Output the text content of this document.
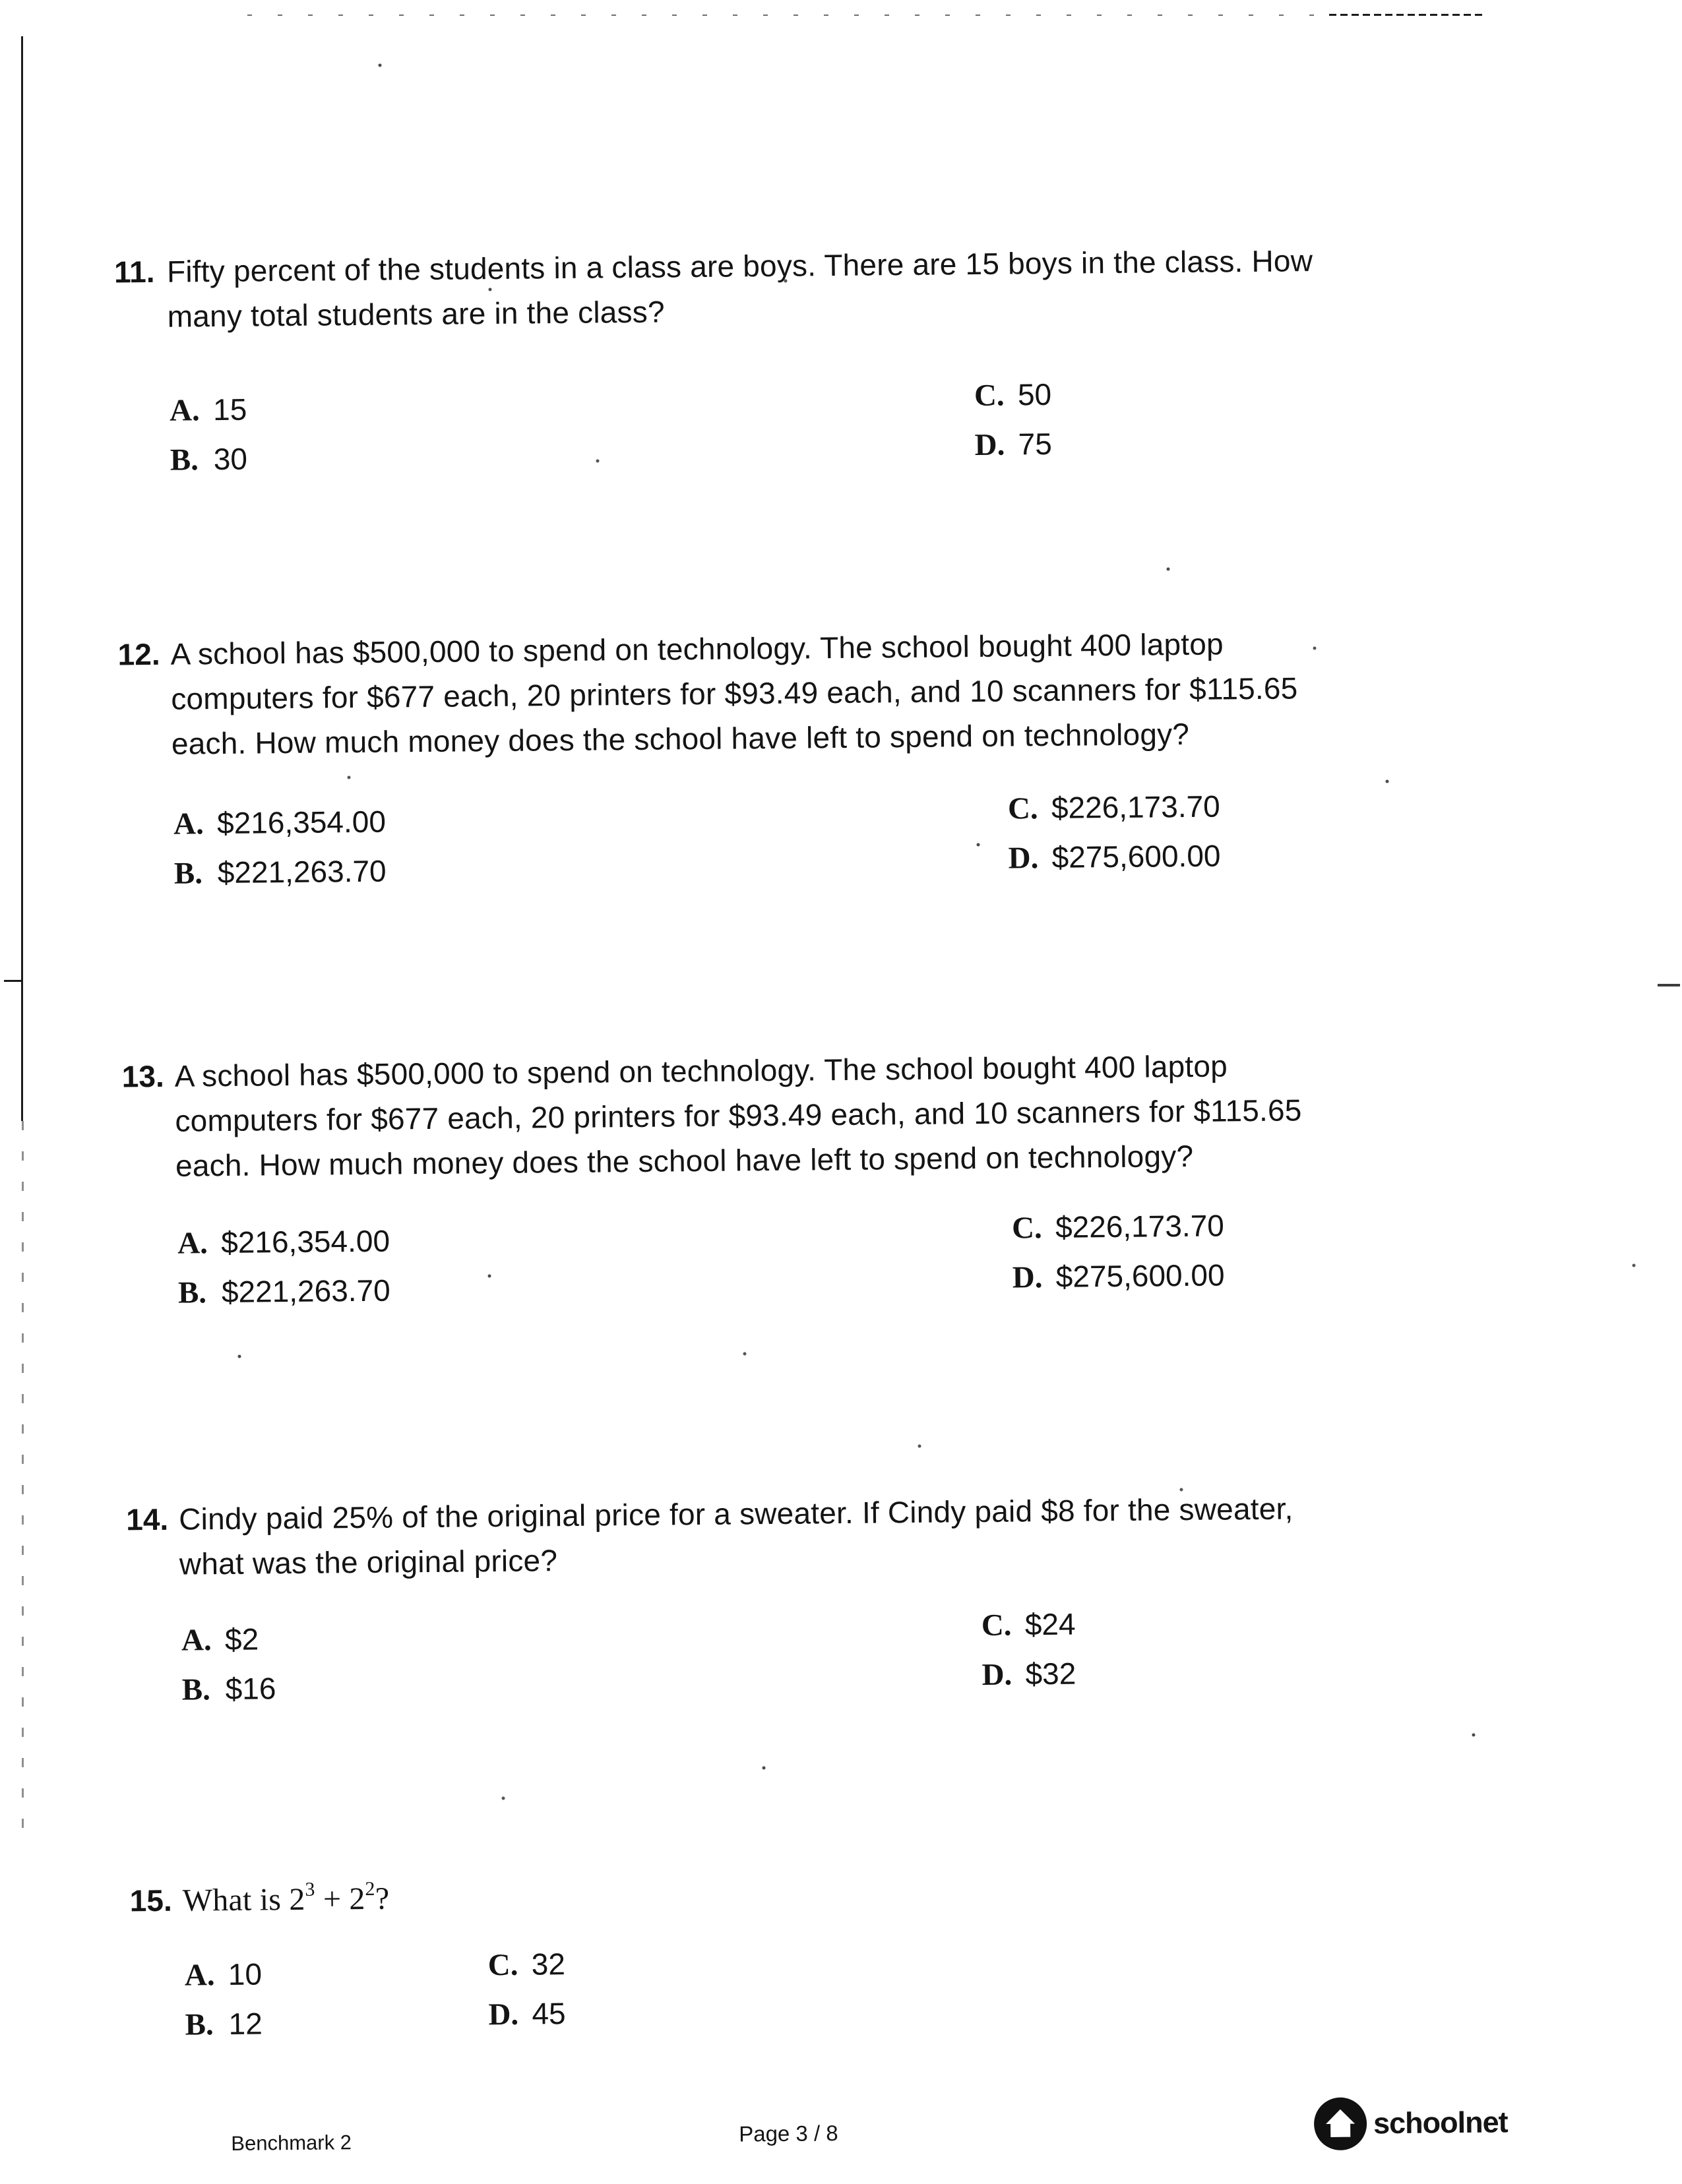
11. Fifty percent of the students in a class are boys. There are 15 boys in the class. How
many total students are in the class?
A. 15
B. 30
C. 50
D. 75
12. A school has $500,000 to spend on technology. The school bought 400 laptop
computers for $677 each, 20 printers for $93.49 each, and 10 scanners for $115.65
each. How much money does the school have left to spend on technology?
A. $216,354.00
B. $221,263.70
C. $226,173.70
D. $275,600.00
13. A school has $500,000 to spend on technology. The school bought 400 laptop
computers for $677 each, 20 printers for $93.49 each, and 10 scanners for $115.65
each. How much money does the school have left to spend on technology?
A. $216,354.00
B. $221,263.70
C. $226,173.70
D. $275,600.00
14. Cindy paid 25% of the original price for a sweater. If Cindy paid $8 for the sweater,
what was the original price?
A. $2
B. $16
C. $24
D. $32
15. What is $2^3 + 2^2$?
A. 10
B. 12
C. 32
D. 45
Benchmark 2	Page 3 / 8	schoolnet
